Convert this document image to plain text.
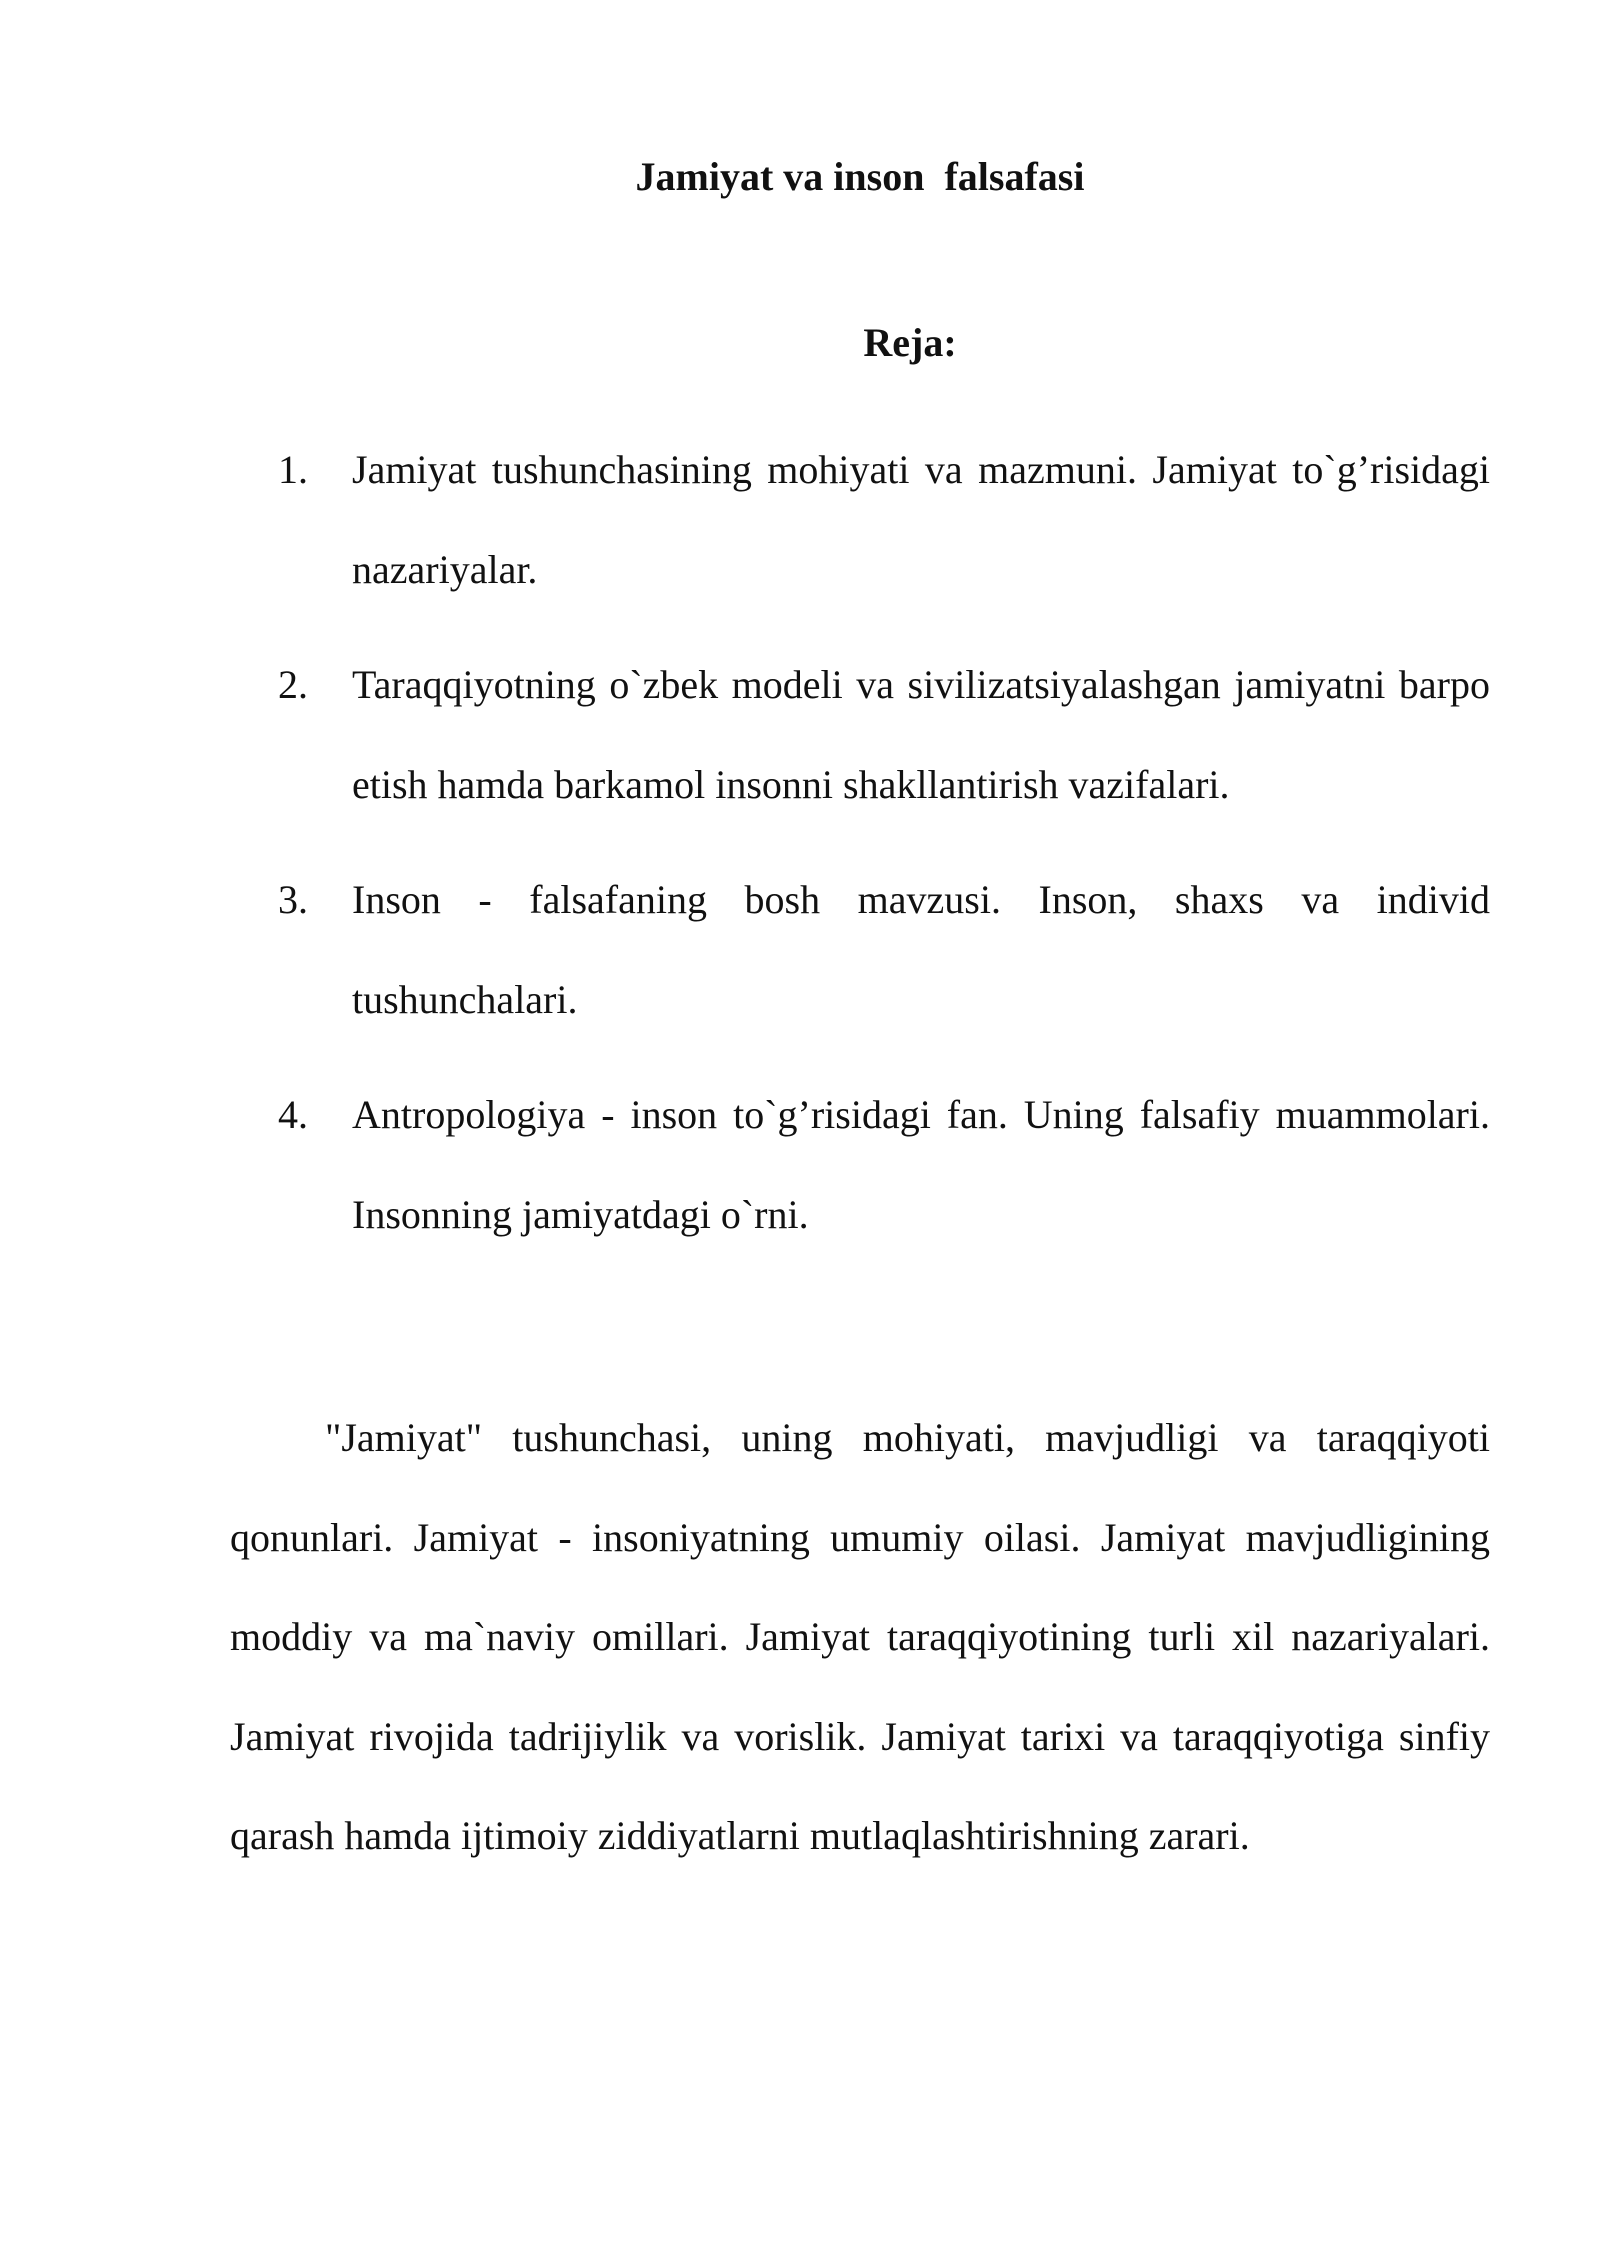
Jamiyat va inson  falsafasi
Reja:
1.	Jamiyat tushunchasining mohiyati va mazmuni. Jamiyat to`g’risidagi nazariyalar.
2.	Taraqqiyotning o`zbek modeli va sivilizatsiyalashgan jamiyatni barpo etish hamda barkamol insonni shakllantirish vazifalari.
3.	Inson - falsafaning bosh mavzusi. Inson, shaxs va individ tushunchalari.
4.	Antropologiya - inson to`g’risidagi fan. Uning falsafiy muammolari. Insonning jamiyatdagi o`rni.

"Jamiyat" tushunchasi, uning mohiyati, mavjudligi va taraqqiyoti qonunlari. Jamiyat - insoniyatning umumiy oilasi. Jamiyat mavjudligining moddiy va ma`naviy omillari. Jamiyat taraqqiyotining turli xil nazariyalari. Jamiyat rivojida tadrijiylik va vorislik. Jamiyat tarixi va taraqqiyotiga sinfiy qarash hamda ijtimoiy ziddiyatlarni mutlaqlashtirishning zarari.
